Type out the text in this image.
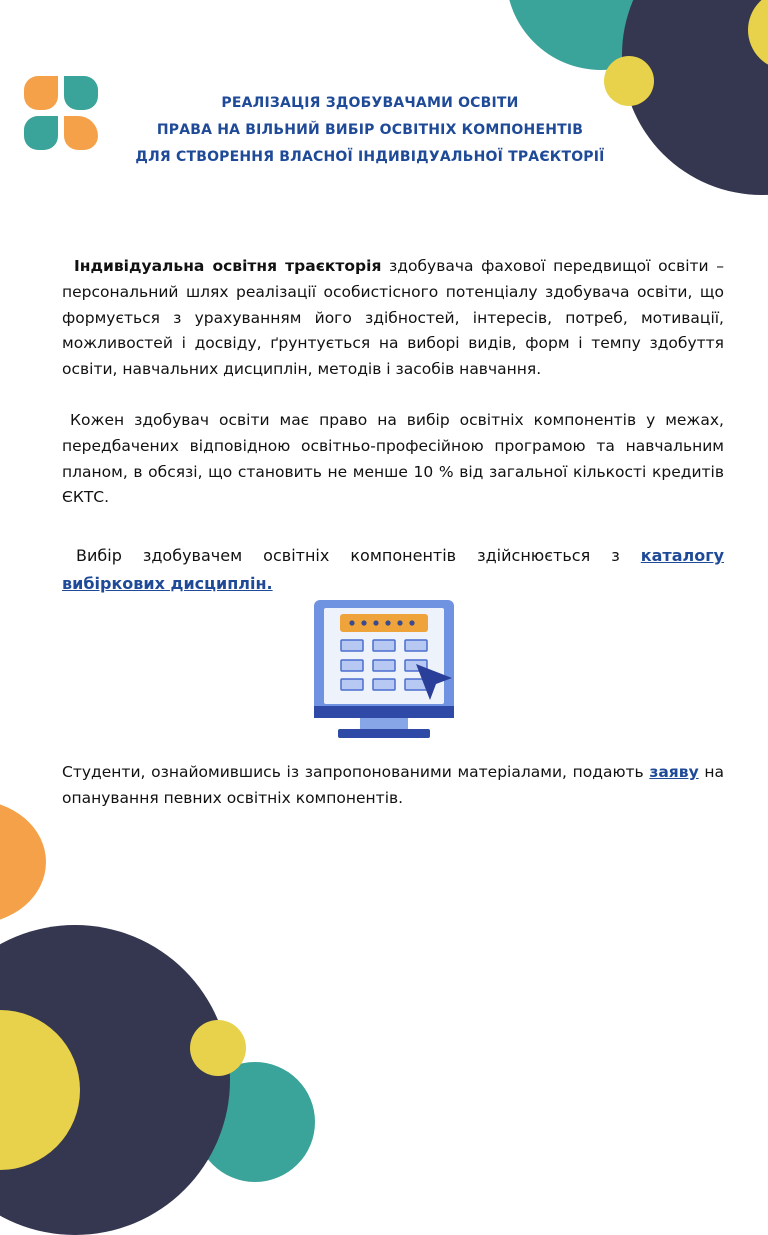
РЕАЛІЗАЦІЯ ЗДОБУВАЧАМИ ОСВІТИ
ПРАВА НА ВІЛЬНИЙ ВИБІР ОСВІТНІХ КОМПОНЕНТІВ
ДЛЯ СТВОРЕННЯ ВЛАСНОЇ ІНДИВІДУАЛЬНОЇ ТРАЄКТОРІЇ
Індивідуальна освітня траєкторія здобувача фахової передвищої освіти – персональний шлях реалізації особистісного потенціалу здобувача освіти, що формується з урахуванням його здібностей, інтересів, потреб, мотивації, можливостей і досвіду, ґрунтується на виборі видів, форм і темпу здобуття освіти, навчальних дисциплін, методів і засобів навчання.
Кожен здобувач освіти має право на вибір освітніх компонентів у межах, передбачених відповідною освітньо-професійною програмою та навчальним планом, в обсязі, що становить не менше 10 % від загальної кількості кредитів ЄКТС.
Вибір здобувачем освітніх компонентів здійснюється з каталогу вибіркових дисциплін.
Студенти, ознайомившись із запропонованими матеріалами, подають заяву на опанування певних освітніх компонентів.
